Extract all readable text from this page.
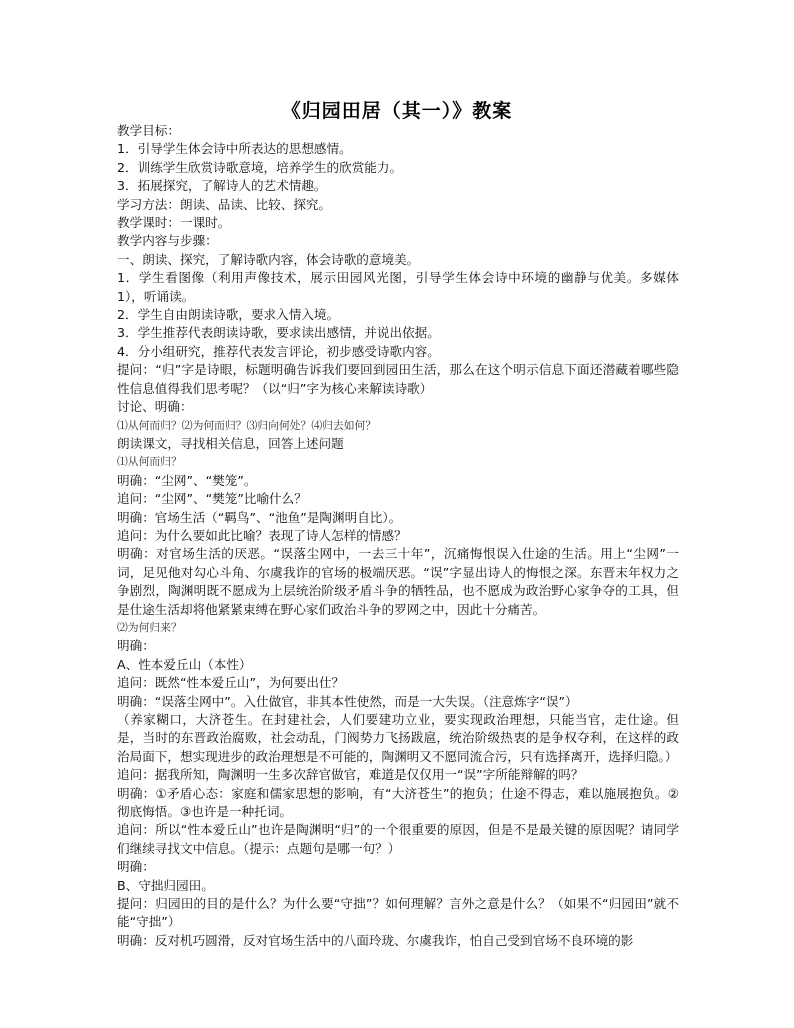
《归园田居（其一）》教案

教学目标：

1．引导学生体会诗中所表达的思想感情。

2．训练学生欣赏诗歌意境，培养学生的欣赏能力。

3．拓展探究，了解诗人的艺术情趣。

学习方法：朗读、品读、比较、探究。

教学课时：一课时。

教学内容与步骤：

一、朗读、探究，了解诗歌内容，体会诗歌的意境美。

1．学生看图像（利用声像技术，展示田园风光图，引导学生体会诗中环境的幽静与优美。多媒体1），听诵读。

2．学生自由朗读诗歌，要求入情入境。

3．学生推荐代表朗读诗歌，要求读出感情，并说出依据。

4．分小组研究，推荐代表发言评论，初步感受诗歌内容。

提问：“归”字是诗眼，标题明确告诉我们要回到园田生活，那么在这个明示信息下面还潜藏着哪些隐性信息值得我们思考呢？（以“归”字为核心来解读诗歌）

讨论、明确：

⑴从何而归？⑵为何而归？⑶归向何处？⑷归去如何？

朗读课文，寻找相关信息，回答上述问题

⑴从何而归？

明确：“尘网”、“樊笼”。

追问：“尘网”、“樊笼”比喻什么？

明确：官场生活（“羁鸟”、“池鱼”是陶渊明自比）。

追问：为什么要如此比喻？表现了诗人怎样的情感？

明确：对官场生活的厌恶。“误落尘网中，一去三十年”，沉痛悔恨误入仕途的生活。用上“尘网”一词，足见他对勾心斗角、尔虞我诈的官场的极端厌恶。“误”字显出诗人的悔恨之深。东晋末年权力之争剧烈，陶渊明既不愿成为上层统治阶级矛盾斗争的牺牲品，也不愿成为政治野心家争夺的工具，但是仕途生活却将他紧紧束缚在野心家们政治斗争的罗网之中，因此十分痛苦。

⑵为何归来？

明确：

A、性本爱丘山（本性）

追问：既然“性本爱丘山”，为何要出仕？

明确：“误落尘网中”。入仕做官，非其本性使然，而是一大失误。（注意炼字“误”）

（养家糊口，大济苍生。在封建社会，人们要建功立业，要实现政治理想，只能当官，走仕途。但是，当时的东晋政治腐败，社会动乱，门阀势力飞扬跋扈，统治阶级热衷的是争权夺利，在这样的政治局面下，想实现进步的政治理想是不可能的，陶渊明又不愿同流合污，只有选择离开，选择归隐。）

追问：据我所知，陶渊明一生多次辞官做官，难道是仅仅用一“误”字所能辩解的吗？

明确：①矛盾心态：家庭和儒家思想的影响，有“大济苍生”的抱负；仕途不得志，难以施展抱负。②彻底悔悟。③也许是一种托词。

追问：所以“性本爱丘山”也许是陶渊明“归”的一个很重要的原因，但是不是最关键的原因呢？请同学们继续寻找文中信息。（提示：点题句是哪一句？）

明确：

B、守拙归园田。

提问：归园田的目的是什么？为什么要“守拙”？如何理解？言外之意是什么？（如果不“归园田”就不能“守拙”）

明确：反对机巧圆滑，反对官场生活中的八面玲珑、尔虞我诈，怕自己受到官场不良环境的影
